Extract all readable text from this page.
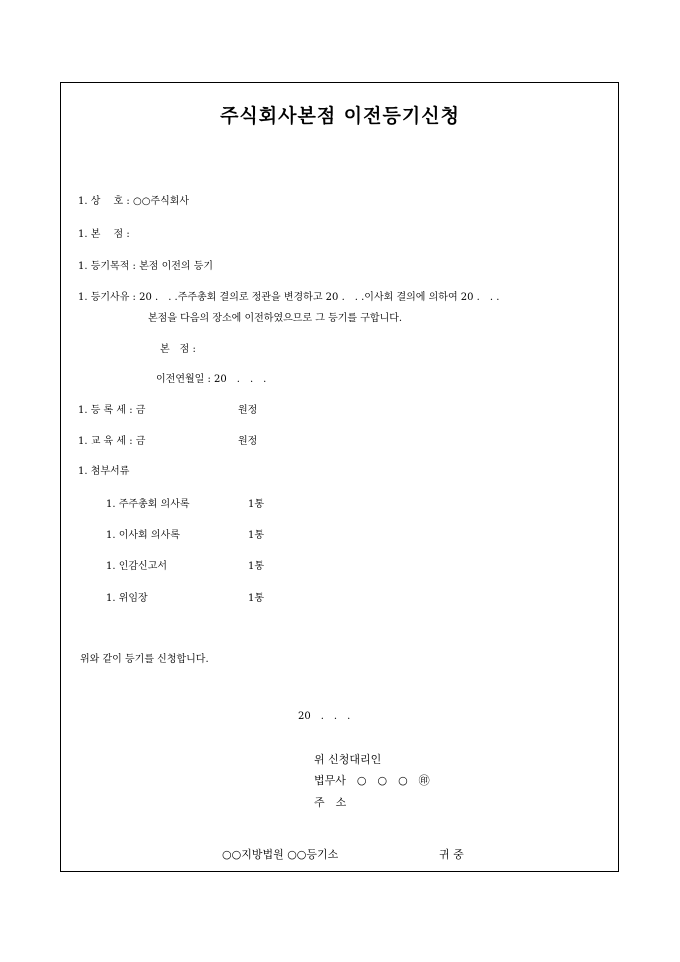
주식회사본점 이전등기신청
1. 상　 호 : ○○주식회사
1. 본　 점 :
1. 등기목적 : 본점 이전의 등기
1. 등기사유 : 20 .　. .주주총회 결의로 정관을 변경하고 20 .　. .이사회 결의에 의하여 20 .　. .
본점을 다음의 장소에 이전하였으므로 그 등기를 구합니다.
본　점 :
이전연월일 : 20　.　.　.
1. 등 록 세 : 금	원정
1. 교 육 세 : 금	원정
1. 첨부서류
1. 주주총회 의사록	1통
1. 이사회 의사록	1통
1. 인감신고서	1통
1. 위임장	1통
위와 같이 등기를 신청합니다.
20　.　.　.
위 신청대리인
법무사　○　○　○　㊞
주　소
○○지방법원 ○○등기소	귀 중
